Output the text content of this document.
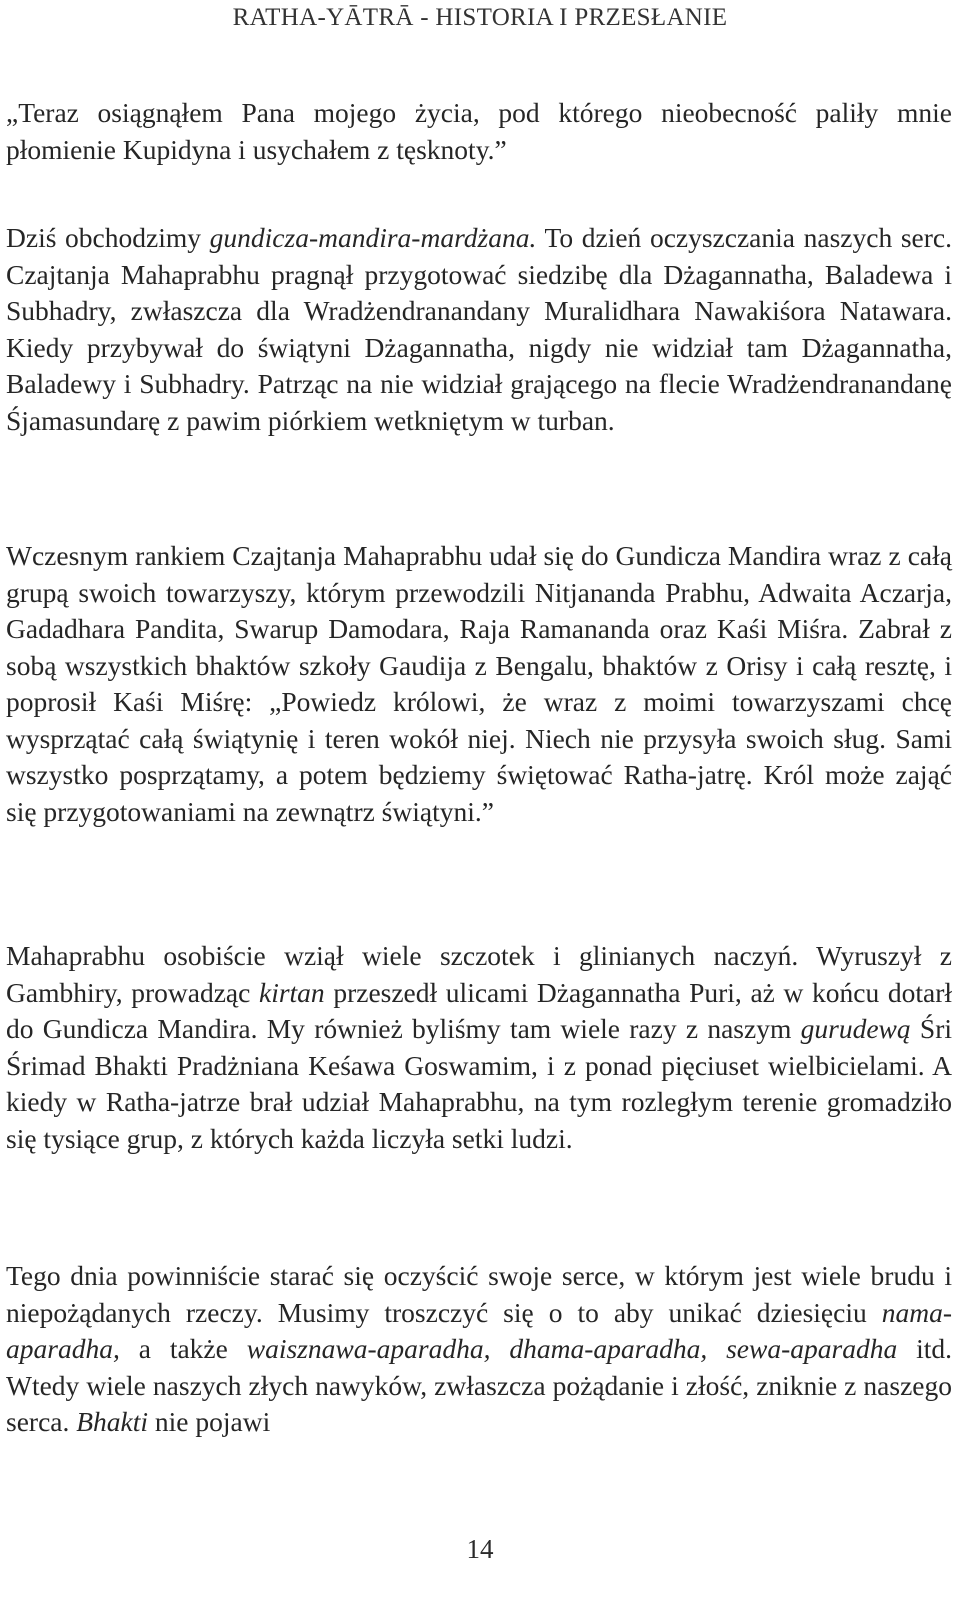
RATHA-YĀTRĀ - HISTORIA I PRZESŁANIE

„Teraz osiągnąłem Pana mojego życia, pod którego nieobecność paliły mnie płomienie Kupidyna i usychałem z tęsknoty.”

Dziś obchodzimy gundicza-mandira-mardżana. To dzień oczyszczania naszych serc. Czajtanja Mahaprabhu pragnął przygotować siedzibę dla Dżagannatha, Baladewa i Subhadry, zwłaszcza dla Wradżendranandany Muralidhara Nawakiśora Natawara. Kiedy przybywał do świątyni Dżagannatha, nigdy nie widział tam Dżagannatha, Baladewy i Subhadry. Patrząc na nie widział grającego na flecie Wradżendranandanę Śjamasundarę z pawim piórkiem wetkniętym w turban.

Wczesnym rankiem Czajtanja Mahaprabhu udał się do Gundicza Mandira wraz z całą grupą swoich towarzyszy, którym przewodzili Nitjananda Prabhu, Adwaita Aczarja, Gadadhara Pandita, Swarup Damodara, Raja Ramananda oraz Kaśi Miśra. Zabrał z sobą wszystkich bhaktów szkoły Gaudija z Bengalu, bhaktów z Orisy i całą resztę, i poprosił Kaśi Miśrę: „Powiedz królowi, że wraz z moimi towarzyszami chcę wysprzątać całą świątynię i teren wokół niej. Niech nie przysyła swoich sług. Sami wszystko posprzątamy, a potem będziemy świętować Ratha-jatrę. Król może zająć się przygotowaniami na zewnątrz świątyni.”

Mahaprabhu osobiście wziął wiele szczotek i glinianych naczyń. Wyruszył z Gambhiry, prowadząc kirtan przeszedł ulicami Dżagannatha Puri, aż w końcu dotarł do Gundicza Mandira. My również byliśmy tam wiele razy z naszym gurudewą Śri Śrimad Bhakti Pradżniana Keśawa Goswamim, i z ponad pięciuset wielbicielami. A kiedy w Ratha-jatrze brał udział Mahaprabhu, na tym rozległym terenie gromadziło się tysiące grup, z których każda liczyła setki ludzi.

Tego dnia powinniście starać się oczyścić swoje serce, w którym jest wiele brudu i niepożądanych rzeczy. Musimy troszczyć się o to aby unikać dziesięciu nama-aparadha, a także waisznawa-aparadha, dhama-aparadha, sewa-aparadha itd. Wtedy wiele naszych złych nawyków, zwłaszcza pożądanie i złość, zniknie z naszego serca. Bhakti nie pojawi

14
